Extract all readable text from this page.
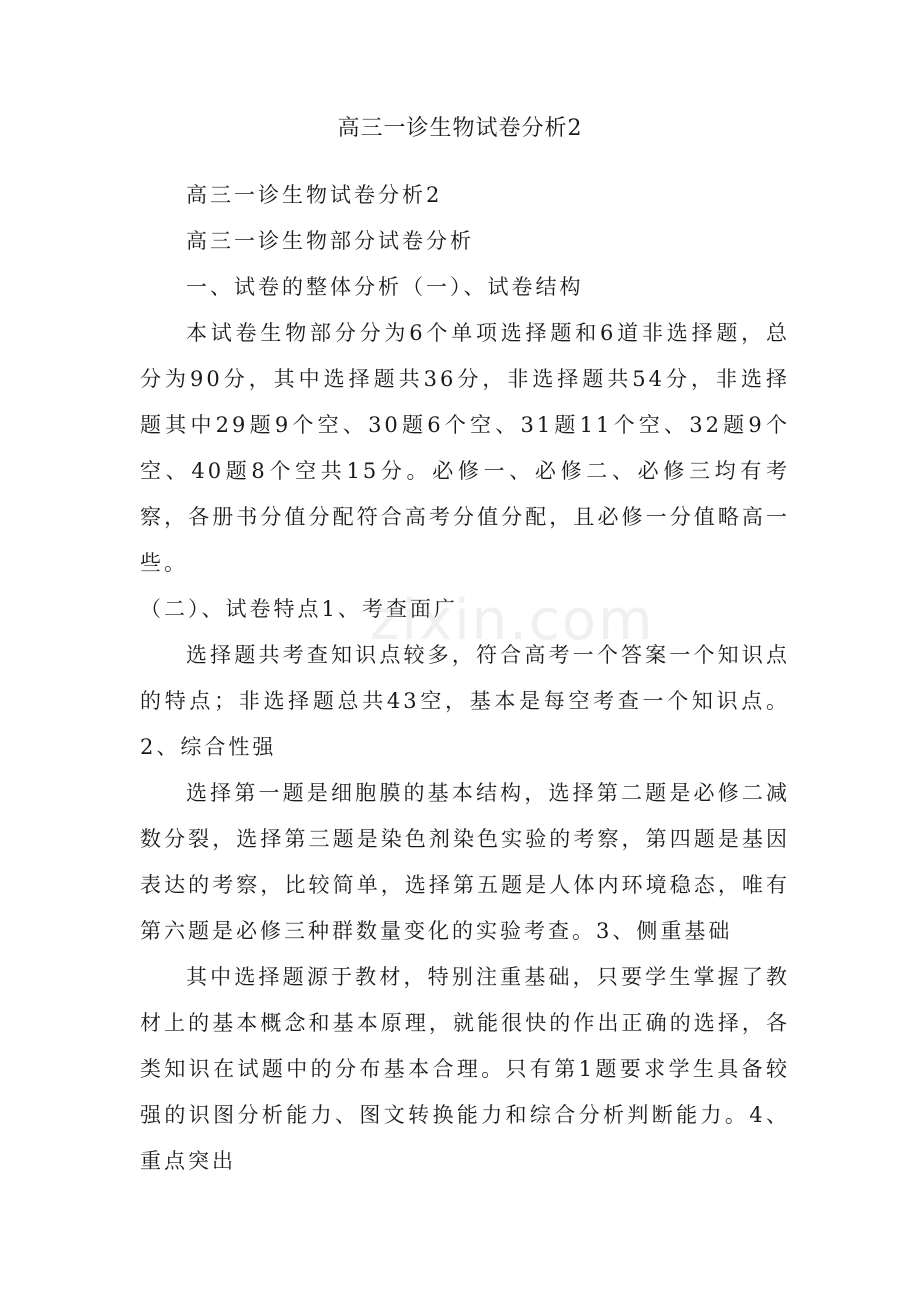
高三一诊生物试卷分析2

高三一诊生物试卷分析2

高三一诊生物部分试卷分析

一、试卷的整体分析（一）、试卷结构

本试卷生物部分分为6个单项选择题和6道非选择题，总分为90分，其中选择题共36分，非选择题共54分，非选择题其中29题9个空、30题6个空、31题11个空、32题9个空、40题8个空共15分。必修一、必修二、必修三均有考察，各册书分值分配符合高考分值分配，且必修一分值略高一些。

（二）、试卷特点1、考查面广

选择题共考查知识点较多，符合高考一个答案一个知识点的特点；非选择题总共43空，基本是每空考查一个知识点。2、综合性强

选择第一题是细胞膜的基本结构，选择第二题是必修二减数分裂，选择第三题是染色剂染色实验的考察，第四题是基因表达的考察，比较简单，选择第五题是人体内环境稳态，唯有第六题是必修三种群数量变化的实验考查。3、侧重基础

其中选择题源于教材，特别注重基础，只要学生掌握了教材上的基本概念和基本原理，就能很快的作出正确的选择，各类知识在试题中的分布基本合理。只有第1题要求学生具备较强的识图分析能力、图文转换能力和综合分析判断能力。4、重点突出

zixin.com
